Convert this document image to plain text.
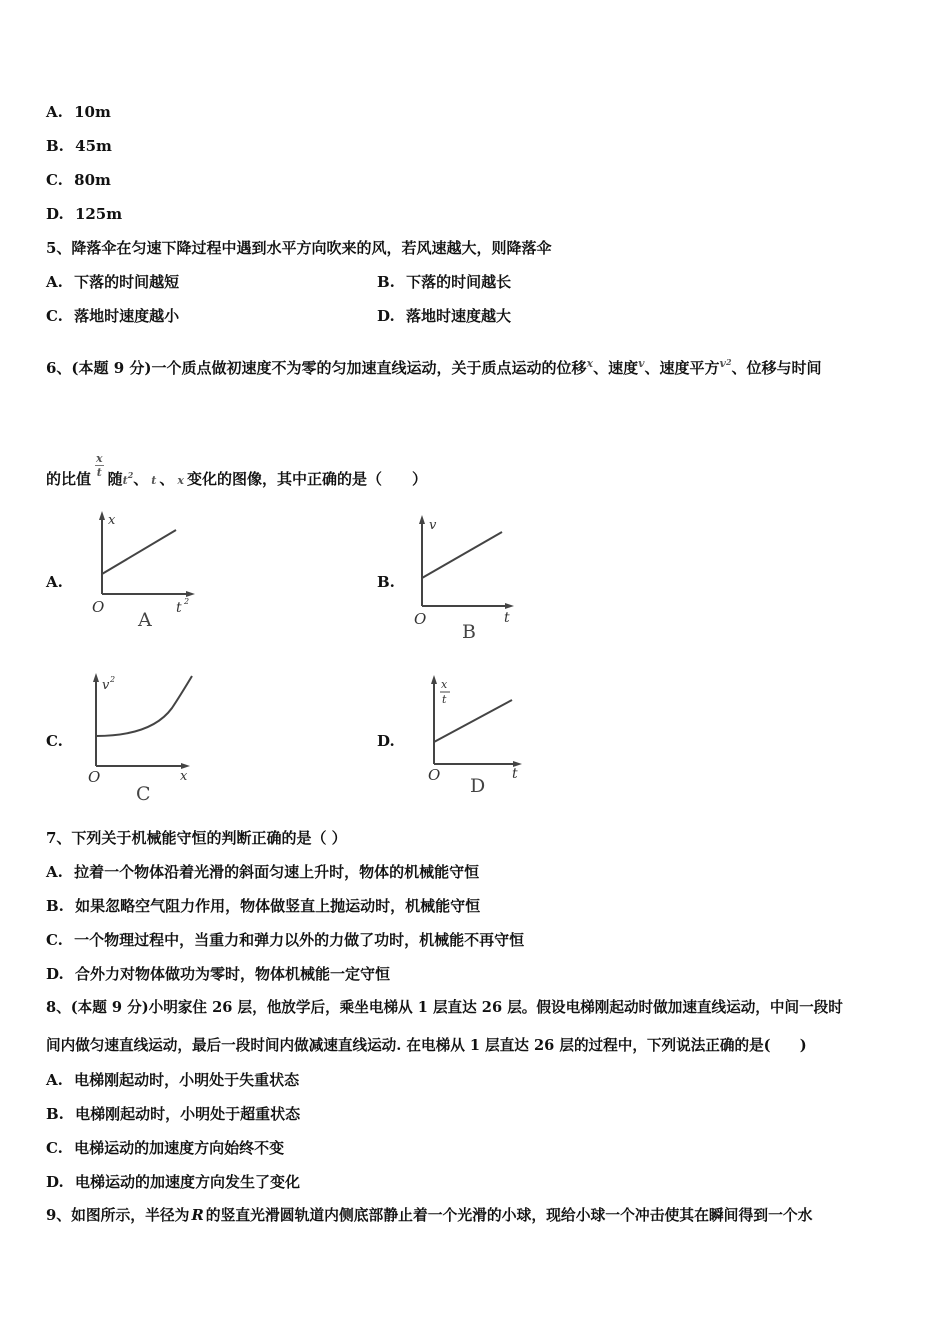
A. 10m
B. 45m
C. 80m
D. 125m
5、降落伞在匀速下降过程中遇到水平方向吹来的风，若风速越大，则降落伞
A. 下落的时间越短	B. 下落的时间越长
C. 落地时速度越小	D. 落地时速度越大
6、(本题 9 分)一个质点做初速度不为零的匀加速直线运动，关于质点运动的位移$^x$、速度$^v$、速度平方$^{v2}$、位移与时间
的比值 $\frac{x}{t}$ 随$t^2$、 t 、 x 变化的图像，其中正确的是（　　）
A.
x
O	t 2
A
B.
v
O	t
B
C.
v 2
O	x
C
D.
x
t
O	t
D
7、下列关于机械能守恒的判断正确的是（ ）
A. 拉着一个物体沿着光滑的斜面匀速上升时，物体的机械能守恒
B. 如果忽略空气阻力作用，物体做竖直上抛运动时，机械能守恒
C. 一个物理过程中，当重力和弹力以外的力做了功时，机械能不再守恒
D. 合外力对物体做功为零时，物体机械能一定守恒
8、(本题 9 分)小明家住 26 层，他放学后，乘坐电梯从 1 层直达 26 层。假设电梯刚起动时做加速直线运动，中间一段时
间内做匀速直线运动，最后一段时间内做减速直线运动. 在电梯从 1 层直达 26 层的过程中，下列说法正确的是(　　)
A. 电梯刚起动时，小明处于失重状态
B. 电梯刚起动时，小明处于超重状态
C. 电梯运动的加速度方向始终不变
D. 电梯运动的加速度方向发生了变化
9、如图所示，半径为 R 的竖直光滑圆轨道内侧底部静止着一个光滑的小球，现给小球一个冲击使其在瞬间得到一个水
